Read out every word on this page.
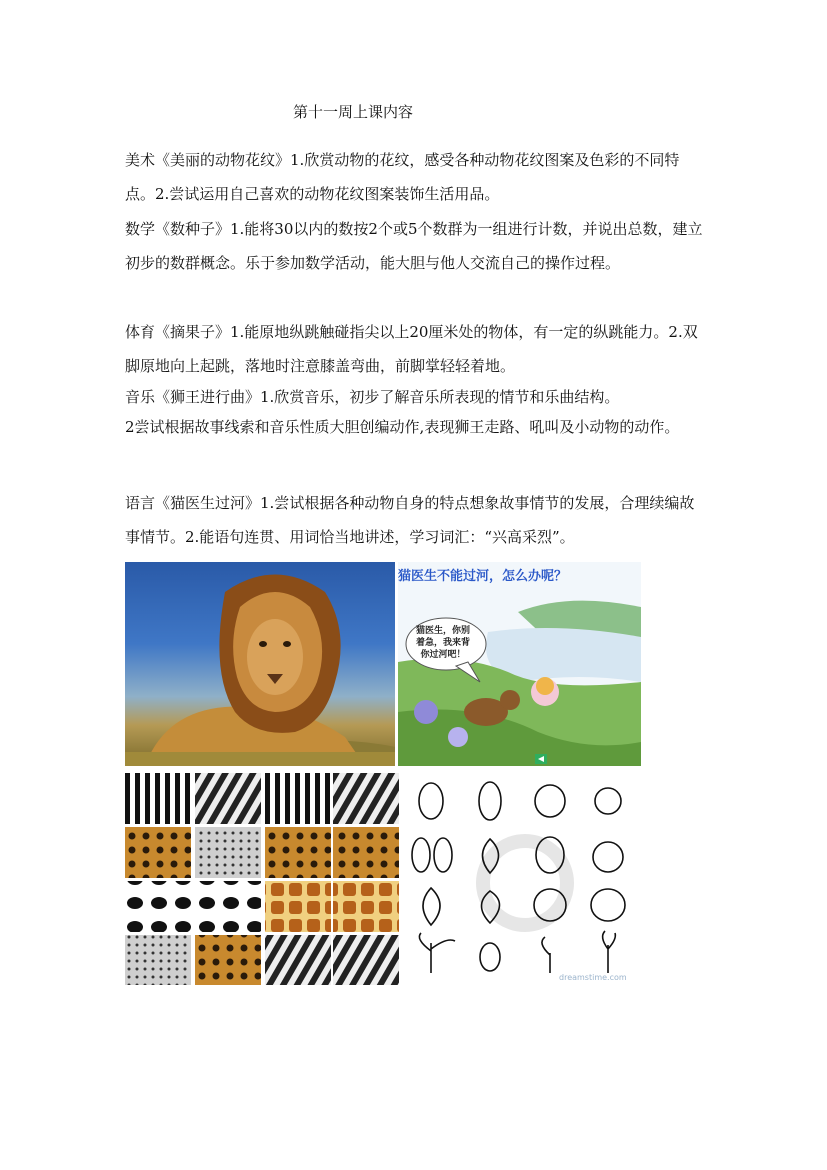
第十一周上课内容
美术《美丽的动物花纹》1.欣赏动物的花纹，感受各种动物花纹图案及色彩的不同特点。2.尝试运用自己喜欢的动物花纹图案装饰生活用品。
数学《数种子》1.能将30以内的数按2个或5个数群为一组进行计数，并说出总数，建立初步的数群概念。乐于参加数学活动，能大胆与他人交流自己的操作过程。
体育《摘果子》1.能原地纵跳触碰指尖以上20厘米处的物体，有一定的纵跳能力。2.双脚原地向上起跳，落地时注意膝盖弯曲，前脚掌轻轻着地。
音乐《狮王进行曲》1.欣赏音乐，初步了解音乐所表现的情节和乐曲结构。
2尝试根据故事线索和音乐性质大胆创编动作,表现狮王走路、吼叫及小动物的动作。
语言《猫医生过河》1.尝试根据各种动物自身的特点想象故事情节的发展，合理续编故事情节。2.能语句连贯、用词恰当地讲述，学习词汇：“兴高采烈”。
猫医生不能过河，怎么办呢？
猫医生，你别着急，我来背你过河吧！
dreamstime.com
